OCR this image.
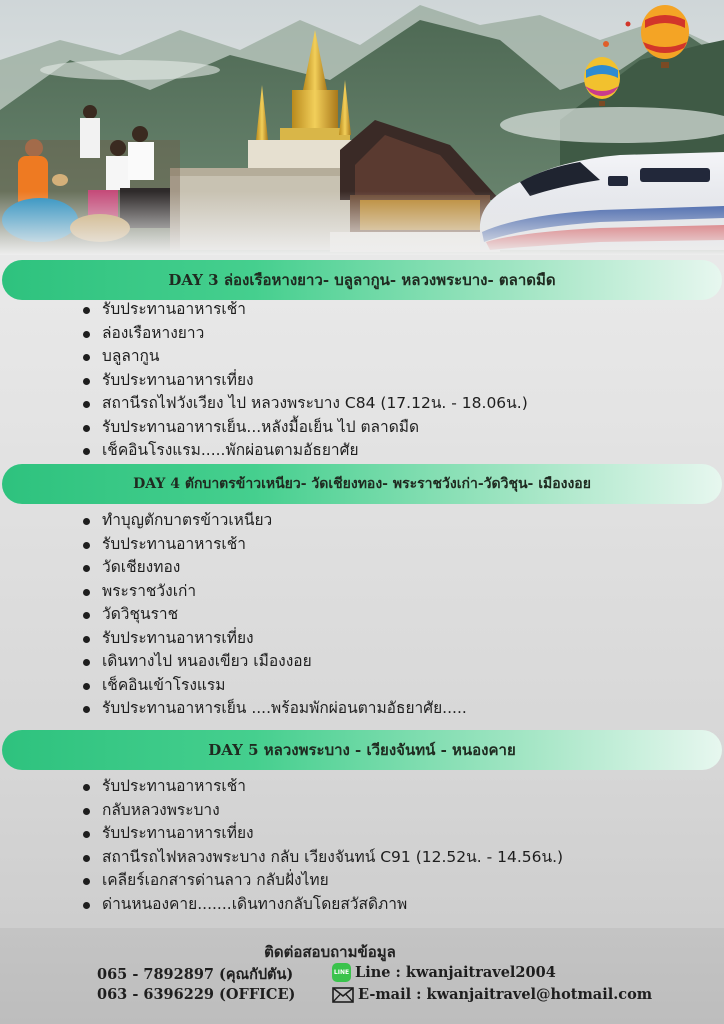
DAY 3 ล่องเรือหางยาว- บลูลากูน- หลวงพระบาง- ตลาดมืด
รับประทานอาหารเช้า
ล่องเรือหางยาว
บลูลากูน
รับประทานอาหารเที่ยง
สถานีรถไฟวังเวียง ไป หลวงพระบาง C84 (17.12น. - 18.06น.)
รับประทานอาหารเย็น...หลังมื้อเย็น ไป ตลาดมืด
เช็คอินโรงแรม.....พักผ่อนตามอัธยาศัย
DAY 4 ตักบาตรข้าวเหนียว- วัดเชียงทอง- พระราชวังเก่า-วัดวิชุน- เมืองงอย
ทำบุญตักบาตรข้าวเหนียว
รับประทานอาหารเช้า
วัดเชียงทอง
พระราชวังเก่า
วัดวิชุนราช
รับประทานอาหารเที่ยง
เดินทางไป หนองเขียว เมืองงอย
เช็คอินเข้าโรงแรม
รับประทานอาหารเย็น ....พร้อมพักผ่อนตามอัธยาศัย.....
DAY 5 หลวงพระบาง - เวียงจันทน์ - หนองคาย
รับประทานอาหารเช้า
กลับหลวงพระบาง
รับประทานอาหารเที่ยง
สถานีรถไฟหลวงพระบาง กลับ เวียงจันทน์ C91 (12.52น. - 14.56น.)
เคลียร์เอกสารด่านลาว กลับฝั่งไทย
ด่านหนองคาย.......เดินทางกลับโดยสวัสดิภาพ
ติดต่อสอบถามข้อมูล
065 - 7892897 (คุณกัปตัน)
063 - 6396229 (OFFICE)
LINE Line : kwanjaitravel2004
E-mail : kwanjaitravel@hotmail.com
